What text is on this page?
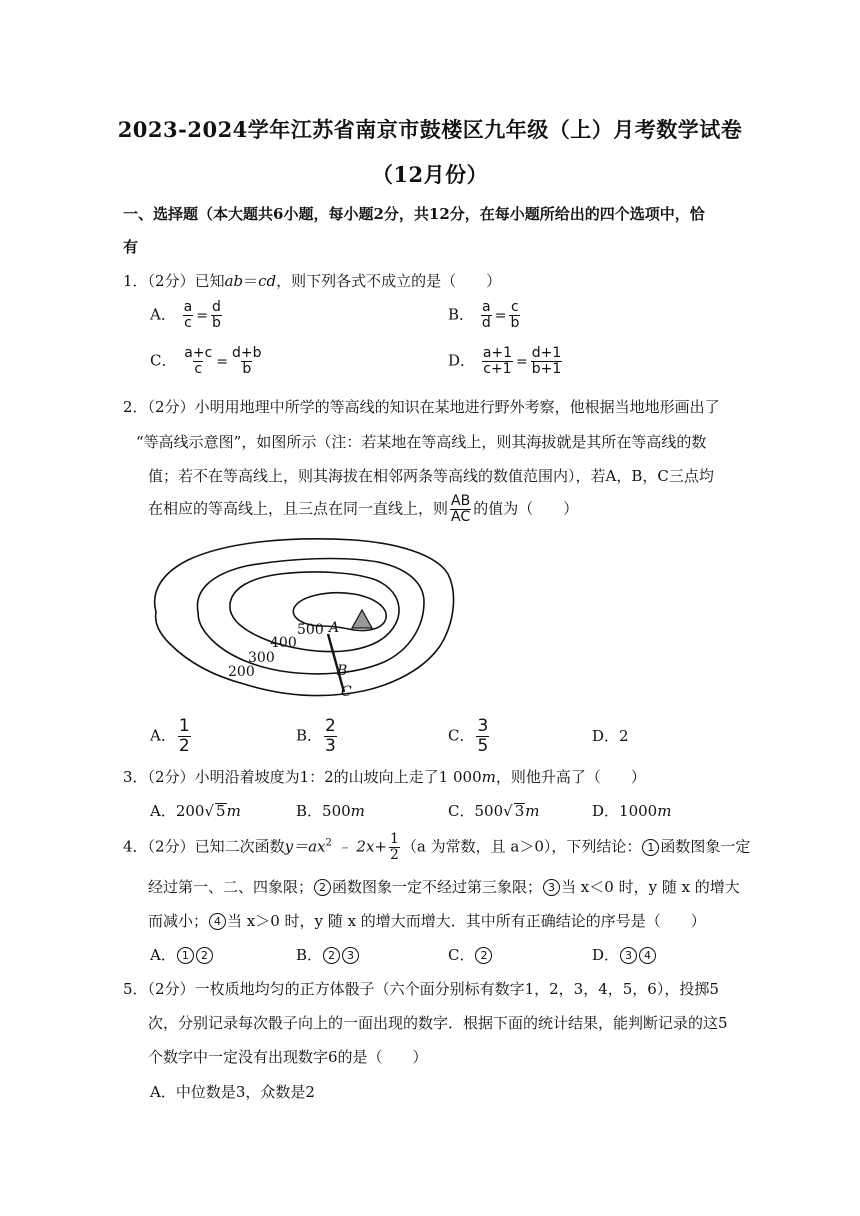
2023-2024学年江苏省南京市鼓楼区九年级（上）月考数学试卷
（12月份）
一、选择题（本大题共6小题，每小题2分，共12分，在每小题所给出的四个选项中，恰
有
1．（2分）已知ab＝cd，则下列各式不成立的是（　　）
A． $\frac{a}{c} = \frac{d}{b}$	B． $\frac{a}{d} = \frac{c}{b}$
C． $\frac{a+c}{c} = \frac{d+b}{b}$	D． $\frac{a+1}{c+1} = \frac{d+1}{b+1}$
2．（2分）小明用地理中所学的等高线的知识在某地进行野外考察，他根据当地地形画出了
“等高线示意图”，如图所示（注：若某地在等高线上，则其海拔就是其所在等高线的数
值；若不在等高线上，则其海拔在相邻两条等高线的数值范围内），若A，B，C三点均
在相应的等高线上，且三点在同一直线上，则 $\frac{AB}{AC}$ 的值为（　　）
500
400
300
200
A
B
C
A． $\frac{1}{2}$	B． $\frac{2}{3}$	C． $\frac{3}{5}$	D．2
3．（2分）小明沿着坡度为1：2的山坡向上走了1 000m，则他升高了（　　）
A．200√ 5m	B．500m	C．500√ 3m	D．1000m
4．（2分）已知二次函数$y=ax^2$ ﹣ $2x+ \frac{1}{2} (a$ 为常数，且 a＞0），下列结论： 1 函数图象一定
经过第一、二、四象限； 2 函数图象一定不经过第三象限； 3 当 x＜0 时，y 随 x 的增大
而减小； 4 当 x＞0 时，y 随 x 的增大而增大．其中所有正确结论的序号是（　　）
A． 1 2	B． 2 3	C． 2	D． 3 4
5．（2分）一枚质地均匀的正方体骰子（六个面分别标有数字1，2，3，4，5，6），投掷5
次，分别记录每次骰子向上的一面出现的数字．根据下面的统计结果，能判断记录的这5
个数字中一定没有出现数字6的是（　　）
A．中位数是3，众数是2
